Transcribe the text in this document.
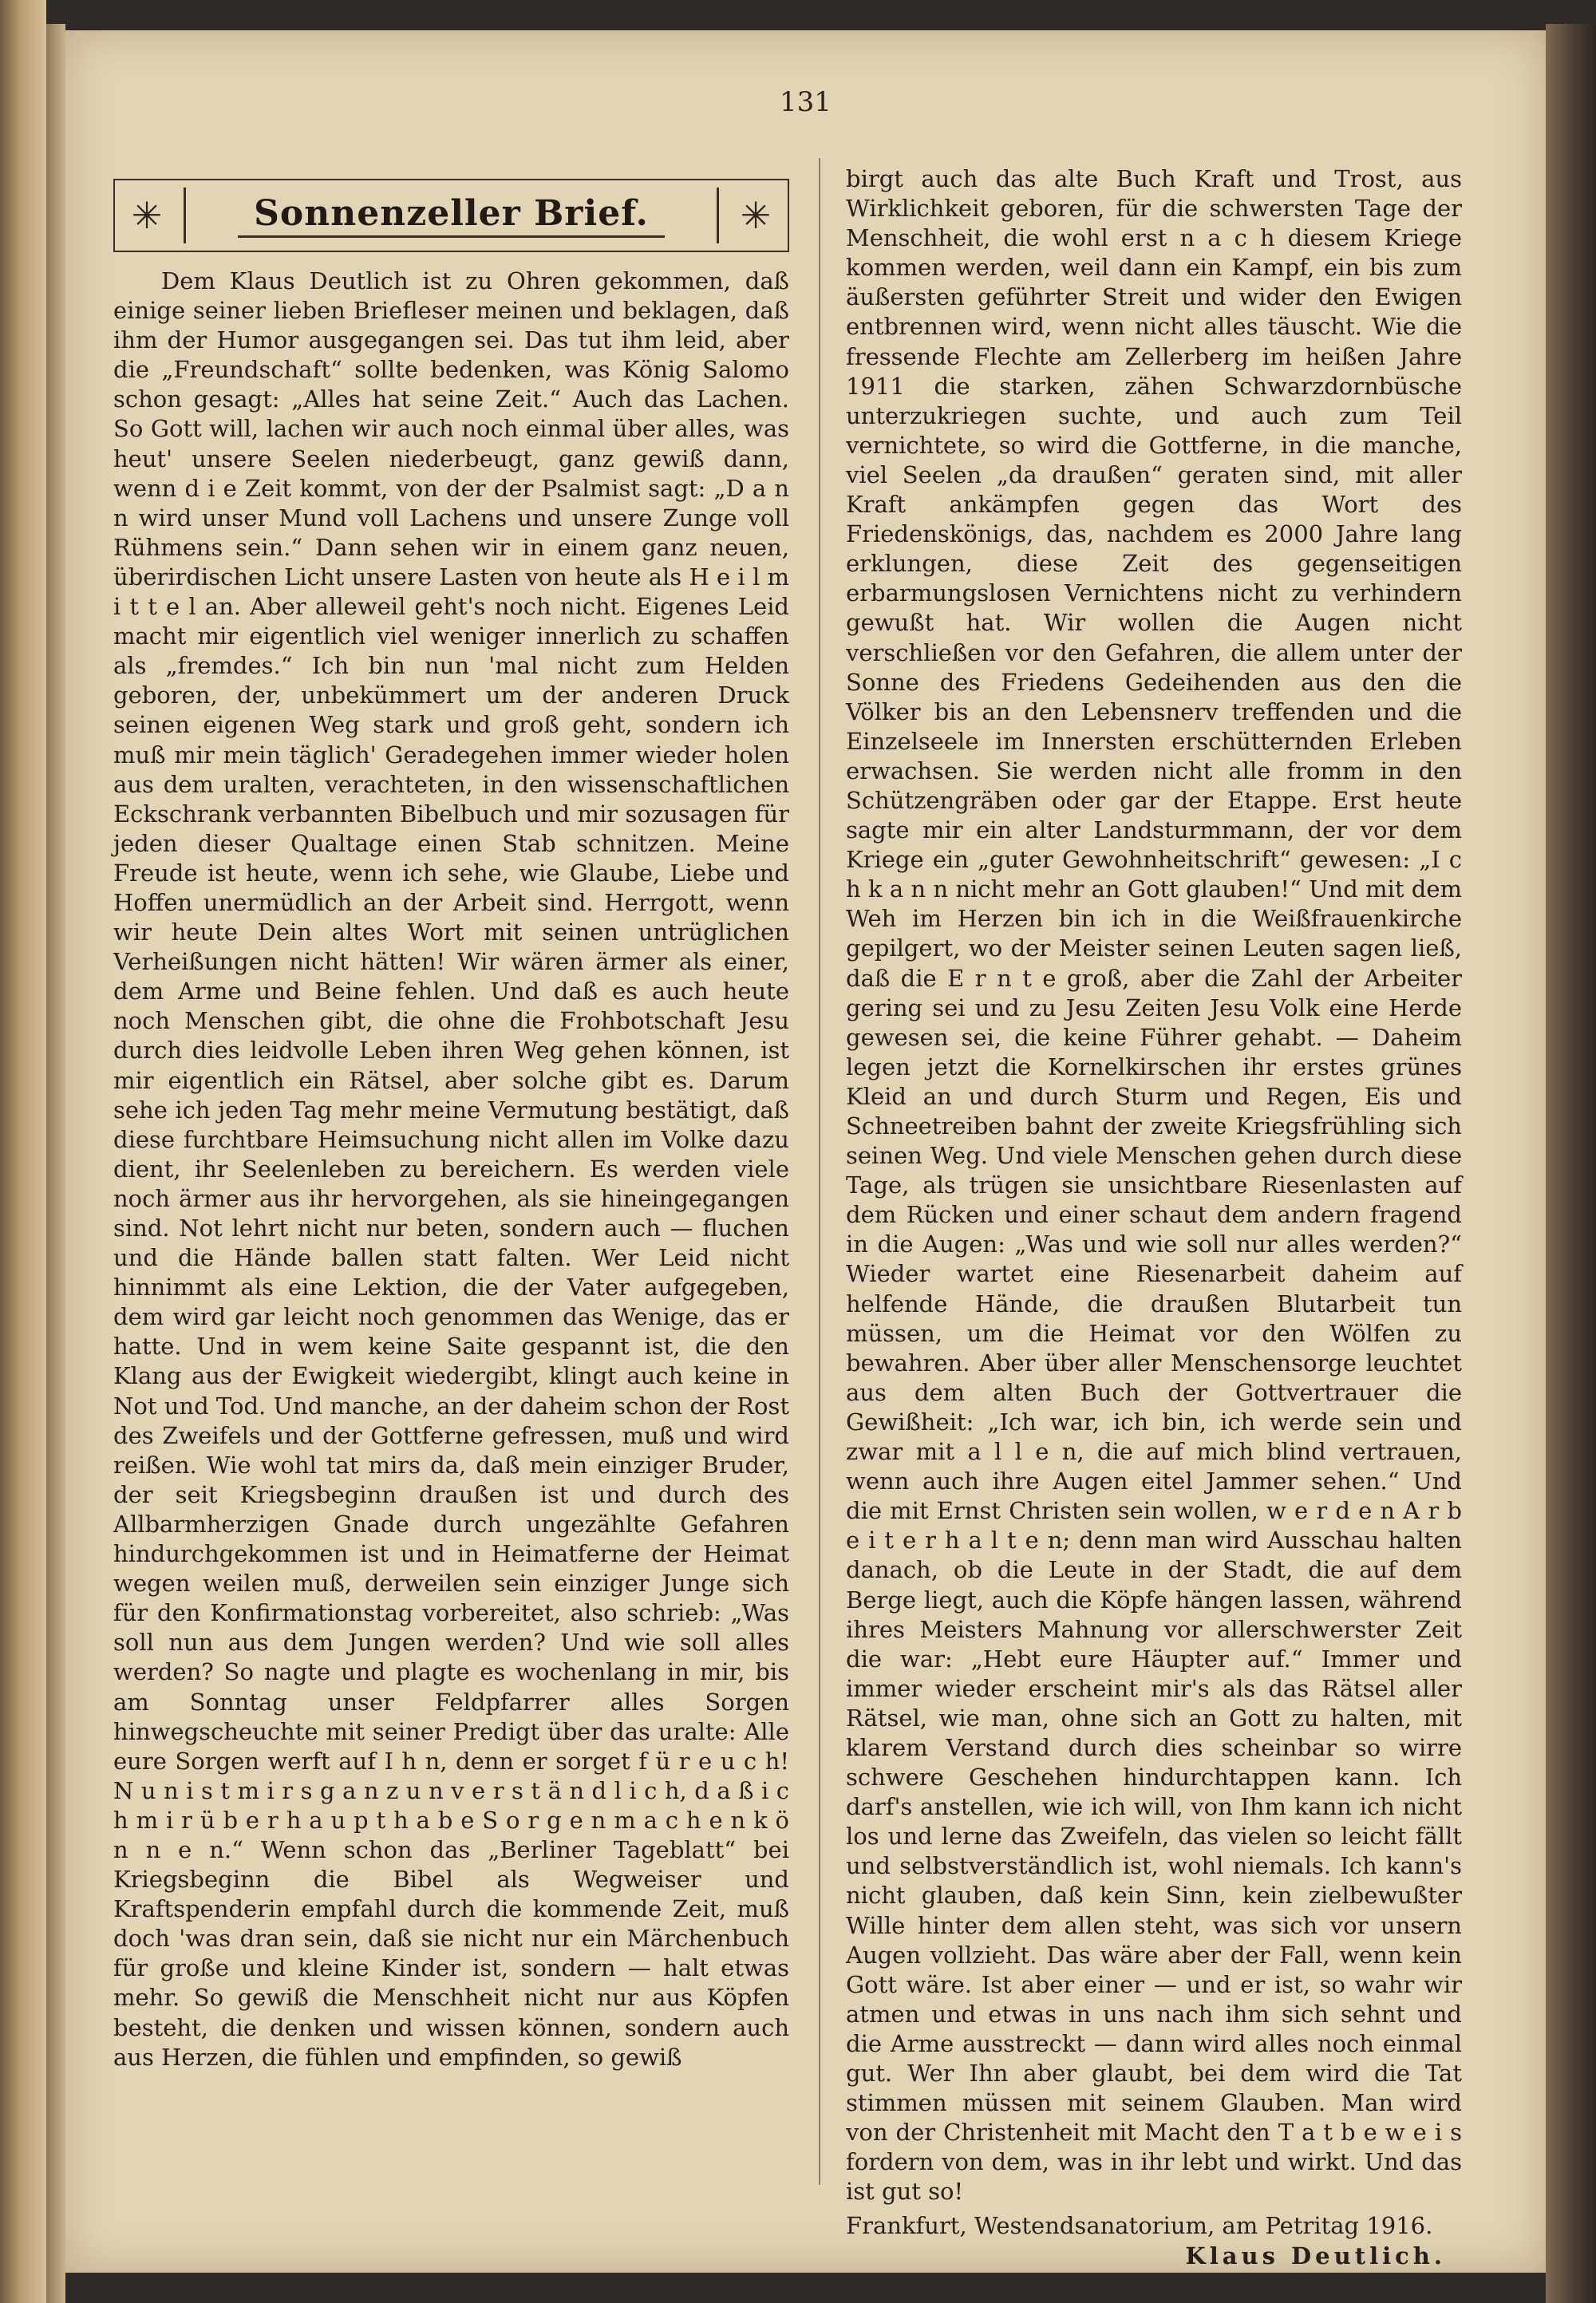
131
✳	Sonnenzeller Brief.	✳

Dem Klaus Deutlich ist zu Ohren gekommen, daß einige seiner lieben Briefleser meinen und beklagen, daß ihm der Humor ausgegangen sei. Das tut ihm leid, aber die „Freundschaft“ sollte bedenken, was König Salomo schon gesagt: „Alles hat seine Zeit.“ Auch das Lachen. So Gott will, lachen wir auch noch einmal über alles, was heut' unsere Seelen niederbeugt, ganz gewiß dann, wenn d i e Zeit kommt, von der der Psalmist sagt: „D a n n wird unser Mund voll Lachens und unsere Zunge voll Rühmens sein.“ Dann sehen wir in einem ganz neuen, überirdischen Licht unsere Lasten von heute als H e i l m i t t e l an. Aber alleweil geht's noch nicht. Eigenes Leid macht mir eigentlich viel weniger innerlich zu schaffen als „fremdes.“ Ich bin nun 'mal nicht zum Helden geboren, der, unbekümmert um der anderen Druck seinen eigenen Weg stark und groß geht, sondern ich muß mir mein täglich' Geradegehen immer wieder holen aus dem uralten, verachteten, in den wissenschaftlichen Eckschrank verbannten Bibelbuch und mir sozusagen für jeden dieser Qualtage einen Stab schnitzen. Meine Freude ist heute, wenn ich sehe, wie Glaube, Liebe und Hoffen unermüdlich an der Arbeit sind. Herrgott, wenn wir heute Dein altes Wort mit seinen untrüglichen Verheißungen nicht hätten! Wir wären ärmer als einer, dem Arme und Beine fehlen. Und daß es auch heute noch Menschen gibt, die ohne die Frohbotschaft Jesu durch dies leidvolle Leben ihren Weg gehen können, ist mir eigentlich ein Rätsel, aber solche gibt es. Darum sehe ich jeden Tag mehr meine Vermutung bestätigt, daß diese furchtbare Heimsuchung nicht allen im Volke dazu dient, ihr Seelenleben zu bereichern. Es werden viele noch ärmer aus ihr hervorgehen, als sie hineingegangen sind. Not lehrt nicht nur beten, sondern auch — fluchen und die Hände ballen statt falten. Wer Leid nicht hinnimmt als eine Lektion, die der Vater aufgegeben, dem wird gar leicht noch genommen das Wenige, das er hatte. Und in wem keine Saite gespannt ist, die den Klang aus der Ewigkeit wiedergibt, klingt auch keine in Not und Tod. Und manche, an der daheim schon der Rost des Zweifels und der Gottferne gefressen, muß und wird reißen. Wie wohl tat mirs da, daß mein einziger Bruder, der seit Kriegsbeginn draußen ist und durch des Allbarmherzigen Gnade durch ungezählte Gefahren hindurchgekommen ist und in Heimatferne der Heimat wegen weilen muß, derweilen sein einziger Junge sich für den Konfirmationstag vorbereitet, also schrieb: „Was soll nun aus dem Jungen werden? Und wie soll alles werden? So nagte und plagte es wochenlang in mir, bis am Sonntag unser Feldpfarrer alles Sorgen hinwegscheuchte mit seiner Predigt über das uralte: Alle eure Sorgen werft auf I h n, denn er sorget f ü r e u c h! N u n i s t m i r s g a n z u n v e r s t ä n d l i c h, d a ß i c h m i r ü b e r h a u p t h a b e S o r g e n m a c h e n k ö n n e n.“ Wenn schon das „Berliner Tageblatt“ bei Kriegsbeginn die Bibel als Wegweiser und Kraftspenderin empfahl durch die kommende Zeit, muß doch 'was dran sein, daß sie nicht nur ein Märchenbuch für große und kleine Kinder ist, sondern — halt etwas mehr. So gewiß die Menschheit nicht nur aus Köpfen besteht, die denken und wissen können, sondern auch aus Herzen, die fühlen und empfinden, so gewiß

birgt auch das alte Buch Kraft und Trost, aus Wirklichkeit geboren, für die schwersten Tage der Menschheit, die wohl erst n a c h diesem Kriege kommen werden, weil dann ein Kampf, ein bis zum äußersten geführter Streit und wider den Ewigen entbrennen wird, wenn nicht alles täuscht. Wie die fressende Flechte am Zellerberg im heißen Jahre 1911 die starken, zähen Schwarzdornbüsche unterzukriegen suchte, und auch zum Teil vernichtete, so wird die Gottferne, in die manche, viel Seelen „da draußen“ geraten sind, mit aller Kraft ankämpfen gegen das Wort des Friedenskönigs, das, nachdem es 2000 Jahre lang erklungen, diese Zeit des gegenseitigen erbarmungslosen Vernichtens nicht zu verhindern gewußt hat. Wir wollen die Augen nicht verschließen vor den Gefahren, die allem unter der Sonne des Friedens Gedeihenden aus den die Völker bis an den Lebensnerv treffenden und die Einzelseele im Innersten erschütternden Erleben erwachsen. Sie werden nicht alle fromm in den Schützengräben oder gar der Etappe. Erst heute sagte mir ein alter Landsturmmann, der vor dem Kriege ein „guter Gewohnheitschrift“ gewesen: „I c h k a n n nicht mehr an Gott glauben!“ Und mit dem Weh im Herzen bin ich in die Weißfrauenkirche gepilgert, wo der Meister seinen Leuten sagen ließ, daß die E r n t e groß, aber die Zahl der Arbeiter gering sei und zu Jesu Zeiten Jesu Volk eine Herde gewesen sei, die keine Führer gehabt. — Daheim legen jetzt die Kornelkirschen ihr erstes grünes Kleid an und durch Sturm und Regen, Eis und Schneetreiben bahnt der zweite Kriegsfrühling sich seinen Weg. Und viele Menschen gehen durch diese Tage, als trügen sie unsichtbare Riesenlasten auf dem Rücken und einer schaut dem andern fragend in die Augen: „Was und wie soll nur alles werden?“ Wieder wartet eine Riesenarbeit daheim auf helfende Hände, die draußen Blutarbeit tun müssen, um die Heimat vor den Wölfen zu bewahren. Aber über aller Menschensorge leuchtet aus dem alten Buch der Gottvertrauer die Gewißheit: „Ich war, ich bin, ich werde sein und zwar mit a l l e n, die auf mich blind vertrauen, wenn auch ihre Augen eitel Jammer sehen.“ Und die mit Ernst Christen sein wollen, w e r d e n A r b e i t e r h a l t e n; denn man wird Ausschau halten danach, ob die Leute in der Stadt, die auf dem Berge liegt, auch die Köpfe hängen lassen, während ihres Meisters Mahnung vor allerschwerster Zeit die war: „Hebt eure Häupter auf.“ Immer und immer wieder erscheint mir's als das Rätsel aller Rätsel, wie man, ohne sich an Gott zu halten, mit klarem Verstand durch dies scheinbar so wirre schwere Geschehen hindurchtappen kann. Ich darf's anstellen, wie ich will, von Ihm kann ich nicht los und lerne das Zweifeln, das vielen so leicht fällt und selbstverständlich ist, wohl niemals. Ich kann's nicht glauben, daß kein Sinn, kein zielbewußter Wille hinter dem allen steht, was sich vor unsern Augen vollzieht. Das wäre aber der Fall, wenn kein Gott wäre. Ist aber einer — und er ist, so wahr wir atmen und etwas in uns nach ihm sich sehnt und die Arme ausstreckt — dann wird alles noch einmal gut. Wer Ihn aber glaubt, bei dem wird die Tat stimmen müssen mit seinem Glauben. Man wird von der Christenheit mit Macht den T a t b e w e i s fordern von dem, was in ihr lebt und wirkt. Und das ist gut so!

Frankfurt, Westendsanatorium, am Petritag 1916.

Klaus Deutlich.
